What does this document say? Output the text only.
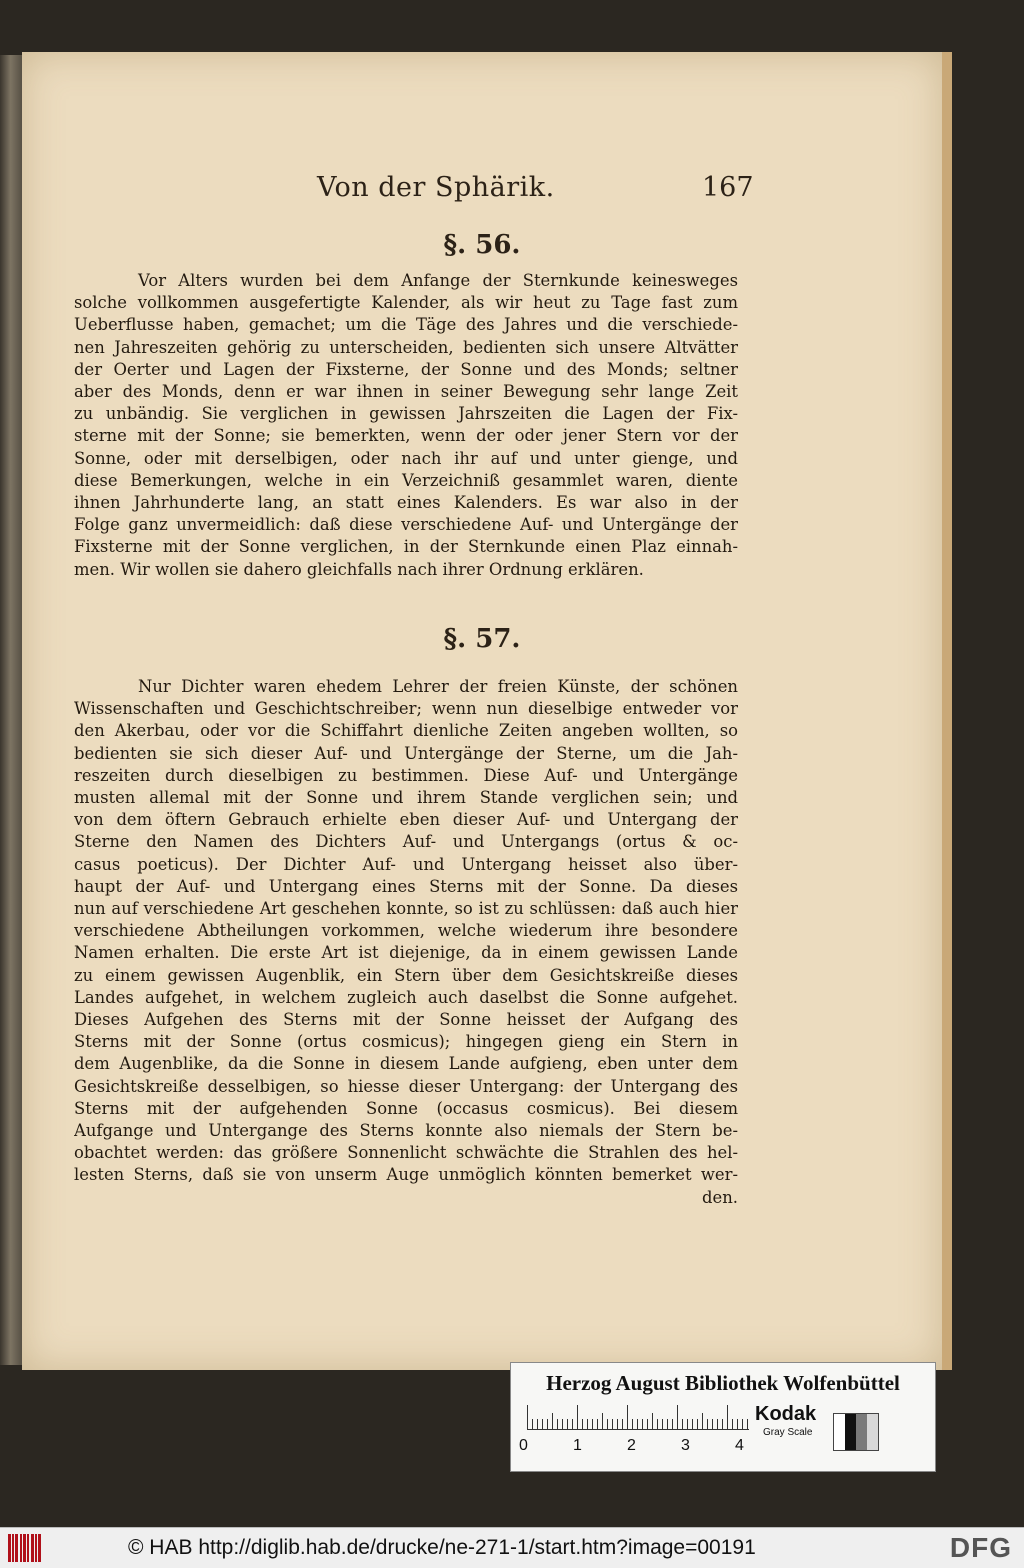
Von der Sphärik.	167
§. 56.
Vor Alters wurden bei dem Anfange der Sternkunde keinesweges
solche vollkommen ausgefertigte Kalender, als wir heut zu Tage fast zum
Ueberflusse haben, gemachet; um die Täge des Jahres und die verschiede-
nen Jahreszeiten gehörig zu unterscheiden, bedienten sich unsere Altvätter
der Oerter und Lagen der Fixsterne, der Sonne und des Monds; seltner
aber des Monds, denn er war ihnen in seiner Bewegung sehr lange Zeit
zu unbändig. Sie verglichen in gewissen Jahrszeiten die Lagen der Fix-
sterne mit der Sonne; sie bemerkten, wenn der oder jener Stern vor der
Sonne, oder mit derselbigen, oder nach ihr auf und unter gienge, und
diese Bemerkungen, welche in ein Verzeichniß gesammlet waren, diente
ihnen Jahrhunderte lang, an statt eines Kalenders. Es war also in der
Folge ganz unvermeidlich: daß diese verschiedene Auf- und Untergänge der
Fixsterne mit der Sonne verglichen, in der Sternkunde einen Plaz einnah-
men. Wir wollen sie dahero gleichfalls nach ihrer Ordnung erklären.
§. 57.
Nur Dichter waren ehedem Lehrer der freien Künste, der schönen
Wissenschaften und Geschichtschreiber; wenn nun dieselbige entweder vor
den Akerbau, oder vor die Schiffahrt dienliche Zeiten angeben wollten, so
bedienten sie sich dieser Auf- und Untergänge der Sterne, um die Jah-
reszeiten durch dieselbigen zu bestimmen. Diese Auf- und Untergänge
musten allemal mit der Sonne und ihrem Stande verglichen sein; und
von dem öftern Gebrauch erhielte eben dieser Auf- und Untergang der
Sterne den Namen des Dichters Auf- und Untergangs (ortus & oc-
casus poeticus). Der Dichter Auf- und Untergang heisset also über-
haupt der Auf- und Untergang eines Sterns mit der Sonne. Da dieses
nun auf verschiedene Art geschehen konnte, so ist zu schlüssen: daß auch hier
verschiedene Abtheilungen vorkommen, welche wiederum ihre besondere
Namen erhalten. Die erste Art ist diejenige, da in einem gewissen Lande
zu einem gewissen Augenblik, ein Stern über dem Gesichtskreiße dieses
Landes aufgehet, in welchem zugleich auch daselbst die Sonne aufgehet.
Dieses Aufgehen des Sterns mit der Sonne heisset der Aufgang des
Sterns mit der Sonne (ortus cosmicus); hingegen gieng ein Stern in
dem Augenblike, da die Sonne in diesem Lande aufgieng, eben unter dem
Gesichtskreiße desselbigen, so hiesse dieser Untergang: der Untergang des
Sterns mit der aufgehenden Sonne (occasus cosmicus). Bei diesem
Aufgange und Untergange des Sterns konnte also niemals der Stern be-
obachtet werden: das größere Sonnenlicht schwächte die Strahlen des hel-
lesten Sterns, daß sie von unserm Auge unmöglich könnten bemerket wer-
den.
Herzog August Bibliothek Wolfenbüttel
0	1	2	3	4
Kodak
Gray Scale
© HAB http://diglib.hab.de/drucke/ne-271-1/start.htm?image=00191	DFG
